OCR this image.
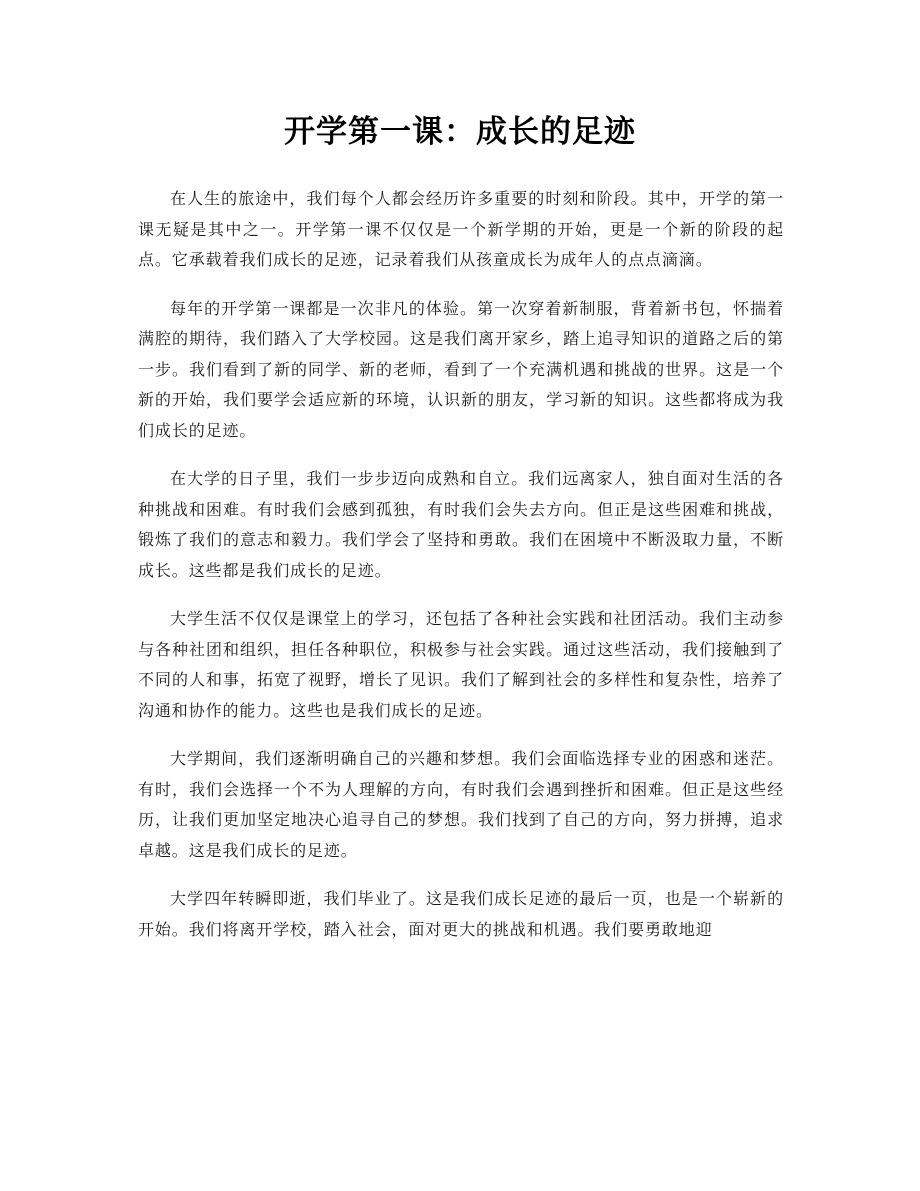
开学第一课：成长的足迹

在人生的旅途中，我们每个人都会经历许多重要的时刻和阶段。其中，开学的第一课无疑是其中之一。开学第一课不仅仅是一个新学期的开始，更是一个新的阶段的起点。它承载着我们成长的足迹，记录着我们从孩童成长为成年人的点点滴滴。

每年的开学第一课都是一次非凡的体验。第一次穿着新制服，背着新书包，怀揣着满腔的期待，我们踏入了大学校园。这是我们离开家乡，踏上追寻知识的道路之后的第一步。我们看到了新的同学、新的老师，看到了一个充满机遇和挑战的世界。这是一个新的开始，我们要学会适应新的环境，认识新的朋友，学习新的知识。这些都将成为我们成长的足迹。

在大学的日子里，我们一步步迈向成熟和自立。我们远离家人，独自面对生活的各种挑战和困难。有时我们会感到孤独，有时我们会失去方向。但正是这些困难和挑战，锻炼了我们的意志和毅力。我们学会了坚持和勇敢。我们在困境中不断汲取力量，不断成长。这些都是我们成长的足迹。

大学生活不仅仅是课堂上的学习，还包括了各种社会实践和社团活动。我们主动参与各种社团和组织，担任各种职位，积极参与社会实践。通过这些活动，我们接触到了不同的人和事，拓宽了视野，增长了见识。我们了解到社会的多样性和复杂性，培养了沟通和协作的能力。这些也是我们成长的足迹。

大学期间，我们逐渐明确自己的兴趣和梦想。我们会面临选择专业的困惑和迷茫。有时，我们会选择一个不为人理解的方向，有时我们会遇到挫折和困难。但正是这些经历，让我们更加坚定地决心追寻自己的梦想。我们找到了自己的方向，努力拼搏，追求卓越。这是我们成长的足迹。

大学四年转瞬即逝，我们毕业了。这是我们成长足迹的最后一页，也是一个崭新的开始。我们将离开学校，踏入社会，面对更大的挑战和机遇。我们要勇敢地迎
